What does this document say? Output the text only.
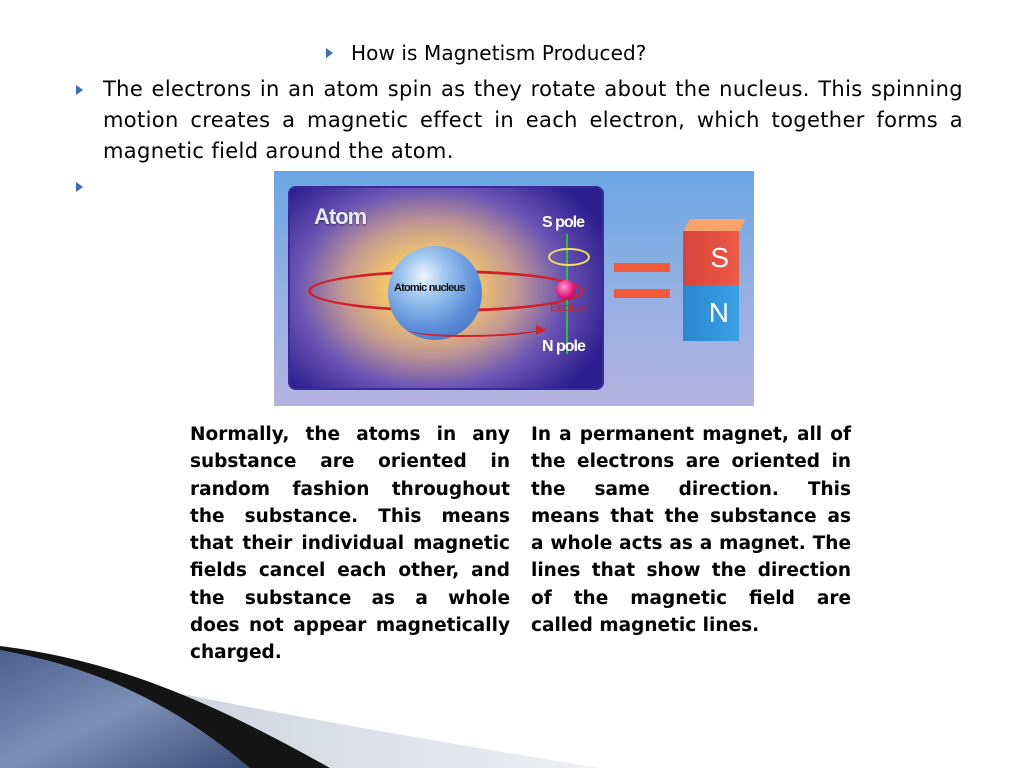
How is Magnetism Produced?
The electrons in an atom spin as they rotate about the nucleus. This spinning motion creates a magnetic effect in each electron, which together forms a magnetic field around the atom.
Atom
Atomic nucleus
Electron
S pole
N pole
S
N
Normally, the atoms in any substance are oriented in random fashion throughout the substance. This means that their individual magnetic fields cancel each other, and the substance as a whole does not appear magnetically charged.
In a permanent magnet, all of the electrons are oriented in the same direction. This means that the substance as a whole acts as a magnet. The lines that show the direction of the magnetic field are called magnetic lines.
